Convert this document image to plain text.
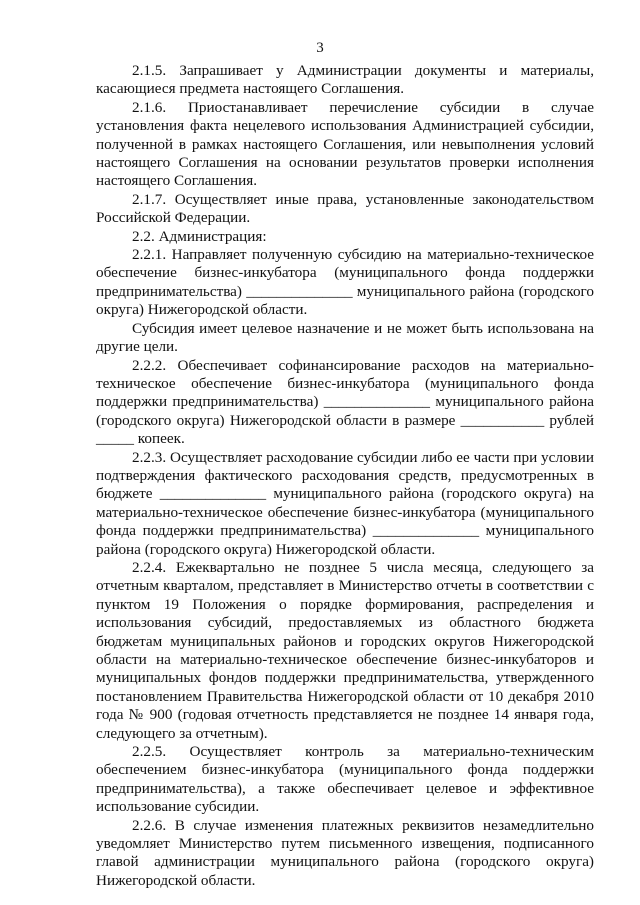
3

2.1.5. Запрашивает у Администрации документы и материалы, касающиеся предмета настоящего Соглашения.

2.1.6. Приостанавливает перечисление субсидии в случае установления факта нецелевого использования Администрацией субсидии, полученной в рамках настоящего Соглашения, или невыполнения условий настоящего Соглашения на основании результатов проверки исполнения настоящего Соглашения.

2.1.7. Осуществляет иные права, установленные законодательством Российской Федерации.

2.2. Администрация:

2.2.1. Направляет полученную субсидию на материально-техническое обеспечение бизнес-инкубатора (муниципального фонда поддержки предпринимательства) ______________ муниципального района (городского округа) Нижегородской области.

Субсидия имеет целевое назначение и не может быть использована на другие цели.

2.2.2. Обеспечивает софинансирование расходов на материально-техническое обеспечение бизнес-инкубатора (муниципального фонда поддержки предпринимательства) ______________ муниципального района (городского округа) Нижегородской области в размере ___________ рублей _____ копеек.

2.2.3. Осуществляет расходование субсидии либо ее части при условии подтверждения фактического расходования средств, предусмотренных в бюджете ______________ муниципального района (городского округа) на материально-техническое обеспечение бизнес-инкубатора (муниципального фонда поддержки предпринимательства) ______________ муниципального района (городского округа) Нижегородской области.

2.2.4. Ежеквартально не позднее 5 числа месяца, следующего за отчетным кварталом, представляет в Министерство отчеты в соответствии с пунктом 19 Положения о порядке формирования, распределения и использования субсидий, предоставляемых из областного бюджета бюджетам муниципальных районов и городских округов Нижегородской области на материально-техническое обеспечение бизнес-инкубаторов и муниципальных фондов поддержки предпринимательства, утвержденного постановлением Правительства Нижегородской области от 10 декабря 2010 года № 900 (годовая отчетность представляется не позднее 14 января года, следующего за отчетным).

2.2.5. Осуществляет контроль за материально-техническим обеспечением бизнес-инкубатора (муниципального фонда поддержки предпринимательства), а также обеспечивает целевое и эффективное использование субсидии.

2.2.6. В случае изменения платежных реквизитов незамедлительно уведомляет Министерство путем письменного извещения, подписанного главой администрации муниципального района (городского округа) Нижегородской области.
